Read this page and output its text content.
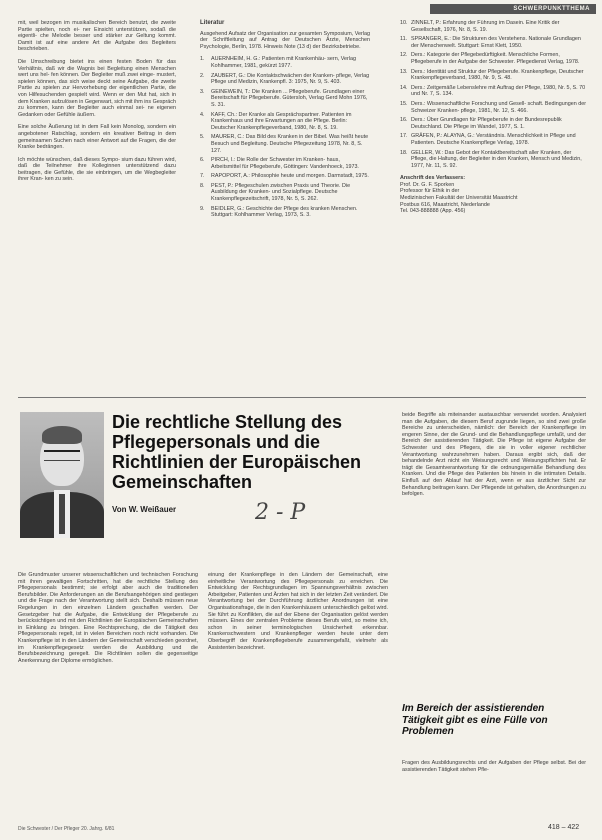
SCHWERPUNKTTHEMA

mit, weil bezogen im musikalischen Bereich benutzt, die zweite Partie spielten, noch ei- ner Einsicht unterstützen, sodaß die eigentli- che Melodie besser und stärker zur Geltung kommt. Damit ist auf eine andere Art die Aufgabe des Begleiters beschrieben.

Die Umschreibung bietet ins einen festen Boden für das Verhältnis, daß wir die Wagnis bei Begleitung einen Menschen wert uns hel- fen können. Der Begleiter muß zwei einge- mustert, spielen können, das sich weise deckt seine Aufgabe, die zweite Partie zu spielen zur Hervorhebung der eigentlichen Partie, die von Hilfesuchenden gespielt wird. Wenn er den Mut hat, sich in dem Kranken aufzulösen in Gegenwart, sich mit ihm ins Gespräch zu kommen, kann der Begleiter auch einmal sei- ne eigenen Gedanken oder Gefühle äußern.

Eine solche Äußerung ist in dem Fall kein Monolog, sondern ein angebotener Ratschlag, sondern ein kreativer Beitrag in dem gemeinsamen Suchen nach einer Antwort auf die Fragen, die der Kranke bedrängen.

Ich möchte wünschen, daß dieses Sympo- sium dazu führen wird, daß die Teilnehmer ihre Kolleginnen unterstützend dazu beitragen, die Gefühle, die sie einbringen, um die Wegbegleiter ihrer Kran- ken zu sein.

Literatur

Ausgehend Aufsatz der Organisation zur gesamten Symposium, Verlag der Schriftleitung auf Antrag der Deutschen Ärzte, Menschen Psychologie, Berlin, 1978. Hinweis Note (13 d) der Bezirksbetriebe.

1.	AUERNHEIM, H. G.: Patienten mit Krankenhäu- sern, Verlag Kohlhammer, 1981, gekürzt 1977.
2.	ZAUBERT, G.: Die Kontaktschwächen der Kranken- pflege, Verlag Pflege und Medizin, Krankenpfl. 3: 1975, Nr. 9, S. 403.
3.	GEINEWEIN, T.: Die Kranken ... Pflegeberufe. Grundlagen einer Bereitschaft für Pflegeberufe. Gütersloh, Verlag Gerd Mohn 1976, S. 31.
4.	KAFF, Ch.: Der Kranke als Gesprächspartner. Patienten im Krankenhaus und ihre Erwartungen an die Pflege. Berlin: Deutscher Krankenpflegeverband, 1980, Nr. 8, S. 19.
5.	MAURER, C.: Das Bild des Kranken in der Bibel. Was heißt heute Besuch und Begleitung. Deutsche Pflegezeitung 1978, Nr. 8, S. 127.
6.	PIRCH, I.: Die Rolle der Schwester im Kranken- haus, Arbeitsmittel für Pflegeberufe, Göttingen: Vandenhoeck, 1973.
7.	RAPOPORT, A.: Philosophie heute und morgen. Darmstadt, 1975.
8.	PEST, P.: Pflegeschulen zwischen Praxis und Theorie. Die Ausbildung der Kranken- und Sozialpflege. Deutsche Krankenpflegezeitschrift, 1978, Nr. 5, S. 262.
9.	BEIDLER, G.: Geschichte der Pflege des kranken Menschen. Stuttgart: Kohlhammer Verlag, 1973, S. 3.
10. ZINNELT, P.: Erfahrung der Führung im Dasein. Eine Kritik der Gesellschaft, 1976, Nr. 8, S. 19.
11. SPRANGER, E.: Die Strukturen des Verstehens. Nationale Grundlagen der Menschenwelt. Stuttgart: Ernst Klett, 1950.
12. Ders.: Kategorie der Pflegebedürftigkeit. Menschliche Formen, Pflegeberufe in der Aufgabe der Schwester. Pflegedienst Verlag, 1978.
13. Ders.: Identität und Struktur der Pflegeberufe. Krankenpflege, Deutscher Krankenpflegeverband, 1980, Nr. 9, S. 48.
14. Ders.: Zeitgemäße Lebenslehre mit Auftrag der Pflege, 1980, Nr. 5, S. 70 und Nr. 7, S. 134.
15. Ders.: Wissenschaftliche Forschung und Gesell- schaft. Bedingungen der Schweizer Kranken- pflege, 1981, Nr. 12, S. 466.
16. Ders.: Über Grundlagen für Pflegeberufe in der Bundesrepublik Deutschland. Die Pflege im Wandel, 1977, S. 1.
17. GRÄFEN, P.: ALAYNA, G.: Verständnis. Menschlichkeit in Pflege und Patienten. Deutsche Krankenpflege Verlag, 1978.
18. GELLER, W.: Das Gebot der Kontaktbereitschaft aller Kranken, der Pflege, die Haltung, der Begleiter in den Kranken, Mensch und Medizin, 1977, Nr. 11, S. 92.
Anschrift des Verfassers:
Prof. Dr. G. F. Sporken
Professor für Ethik in der
Medizinischen Fakultät der Universität Maastricht
Postbus 616, Maastricht, Niederlande
Tel. 043-888888 (App. 456)
Die rechtliche Stellung des Pflegepersonals und die Richtlinien der Europäischen Gemeinschaften
Von W. Weißauer	2 - P

Die Grundmuster unserer wissenschaftlichen und technischen Forschung mit ihren gewaltigen Fortschritten, hat die rechtliche Stellung des Pflegepersonals bestimmt; sie erfolgt aber auch die traditionellen Berufsbilder. Die Anforderungen an die Berufsangehörigen sind gestiegen und die Frage nach der Verantwortung stellt sich. Deshalb müssen neue Regelungen in den einzelnen Ländern geschaffen werden. Der Gesetzgeber hat die Aufgabe, die Entwicklung der Pflegeberufe zu berücksichtigen und mit den Richtlinien der Europäischen Gemeinschaften in Einklang zu bringen. Eine Rechtsprechung, die die Tätigkeit des Pflegepersonals regelt, ist in vielen Bereichen noch nicht vorhanden. Die Krankenpflege ist in den Ländern der Gemeinschaft verschieden geordnet, im Krankenpflegegesetz werden die Ausbildung und die Berufsbezeichnung geregelt. Die Richtlinien sollen die gegenseitige Anerkennung der Diplome ermöglichen.

einung der Krankenpflege in den Ländern der Gemeinschaft, eine einheitliche Verantwortung des Pflegepersonals zu erreichen. Die Entwicklung der Rechtsgrundlagen im Spannungsverhältnis zwischen Arbeitgeber, Patienten und Ärzten hat sich in der letzten Zeit verändert. Die Verantwortung bei der Durchführung ärztlicher Anordnungen ist eine Organisationsfrage, die in den Krankenhäusern unterschiedlich gelöst wird. Sie führt zu Konflikten, die auf der Ebene der Organisation gelöst werden müssen. Eines der zentralen Probleme dieses Berufs wird, so meine ich, schon in seiner terminologischen Unsicherheit erkennbar. Krankenschwestern und Krankenpfleger werden heute unter dem Oberbegriff der Krankenpflegeberufe zusammengefaßt, vielmehr als Assistenten bezeichnet.

beide Begriffe als miteinander austauschbar verwendet worden. Analysiert man die Aufgaben, die diesem Beruf zugrunde liegen, so sind zwei große Bereiche zu unterscheiden, nämlich: der Bereich der Krankenpflege im engeren Sinne, der die Grund- und die Behandlungspflege umfaßt, und der Bereich der assistierenden Tätigkeit. Die Pflege ist eigene Aufgabe der Schwester und des Pflegers, die sie in voller eigener rechtlicher Verantwortung wahrzunehmen haben. Daraus ergibt sich, daß der behandelnde Arzt nicht ein Weisungsrecht und Weisungspflichten hat. Er trägt die Gesamtverantwortung für die ordnungsgemäße Behandlung des Kranken. Und die Pflege des Patienten bis hinein in die intimsten Details. Einfluß auf den Ablauf hat der Arzt, wenn er aus ärztlicher Sicht zur Behandlung beitragen kann. Der Pflegende ist gehalten, die Anordnungen zu befolgen.

Im Bereich der assistierenden Tätigkeit gibt es eine Fülle von Problemen

Fragen des Ausbildungsrechts und der Aufgaben der Pflege selbst. Bei der assistierenden Tätigkeit stehen Pfle-

Die Schwester / Der Pfleger 20. Jahrg. 6/81	418 – 422
